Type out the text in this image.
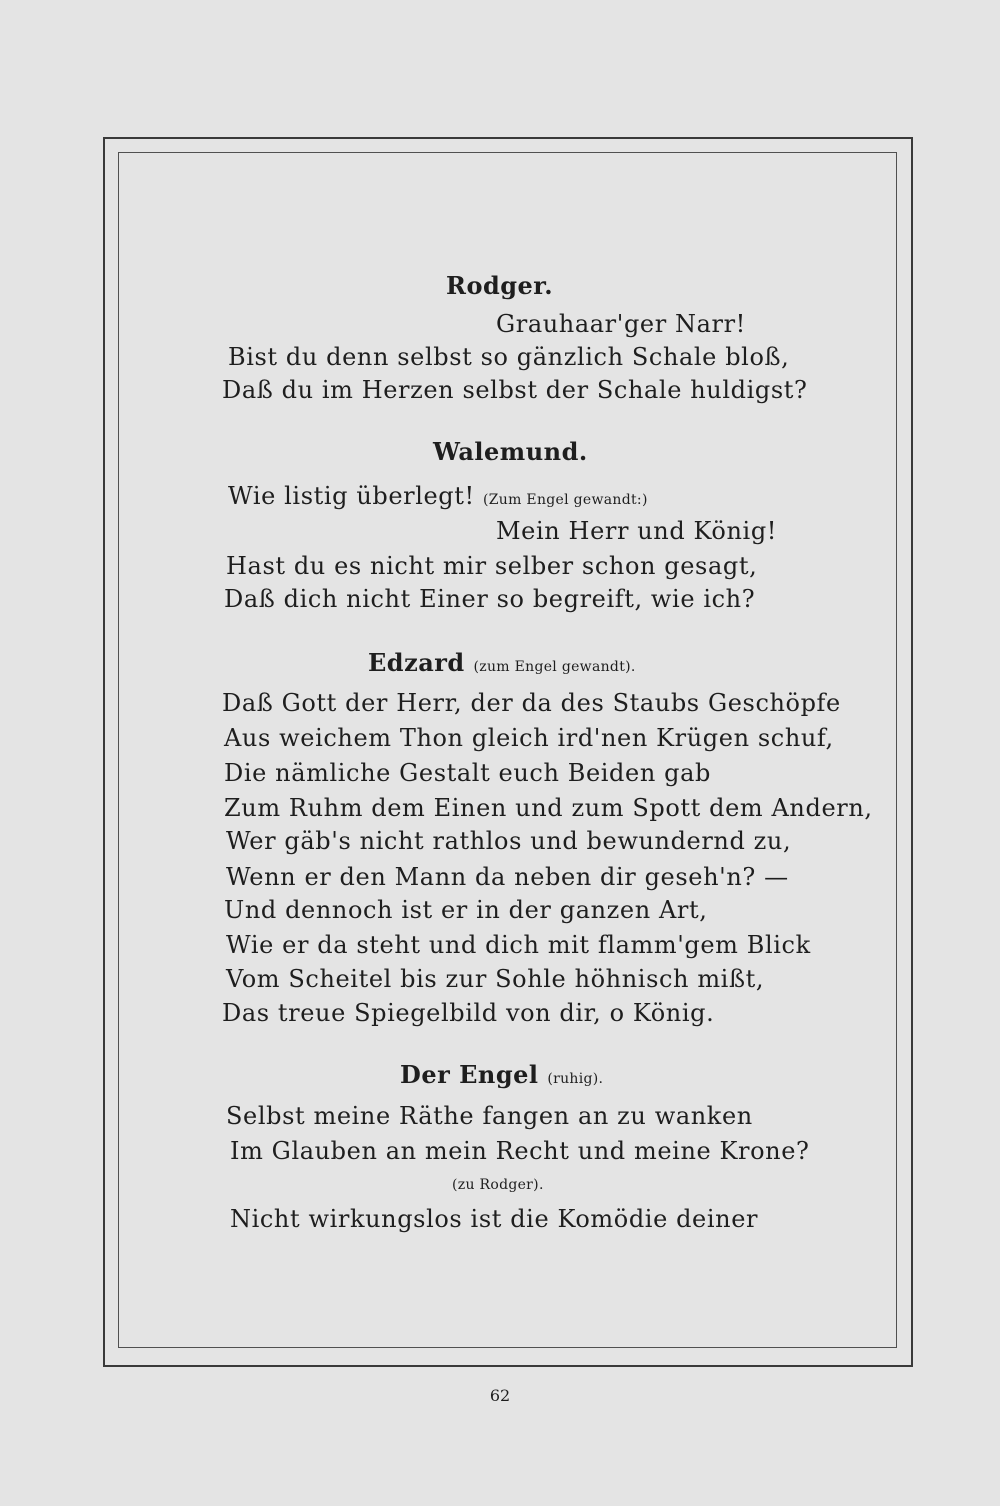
Rodger.
Grauhaar'ger Narr!
Bist du denn selbst so gänzlich Schale bloß,
Daß du im Herzen selbst der Schale huldigst?
Walemund.
Wie listig überlegt! (Zum Engel gewandt:)
Mein Herr und König!
Hast du es nicht mir selber schon gesagt,
Daß dich nicht Einer so begreift, wie ich?
Edzard (zum Engel gewandt).
Daß Gott der Herr, der da des Staubs Geschöpfe
Aus weichem Thon gleich ird'nen Krügen schuf,
Die nämliche Gestalt euch Beiden gab
Zum Ruhm dem Einen und zum Spott dem Andern,
Wer gäb's nicht rathlos und bewundernd zu,
Wenn er den Mann da neben dir geseh'n? —
Und dennoch ist er in der ganzen Art,
Wie er da steht und dich mit flamm'gem Blick
Vom Scheitel bis zur Sohle höhnisch mißt,
Das treue Spiegelbild von dir, o König.
Der Engel (ruhig).
Selbst meine Räthe fangen an zu wanken
Im Glauben an mein Recht und meine Krone?
(zu Rodger).
Nicht wirkungslos ist die Komödie deiner
62
